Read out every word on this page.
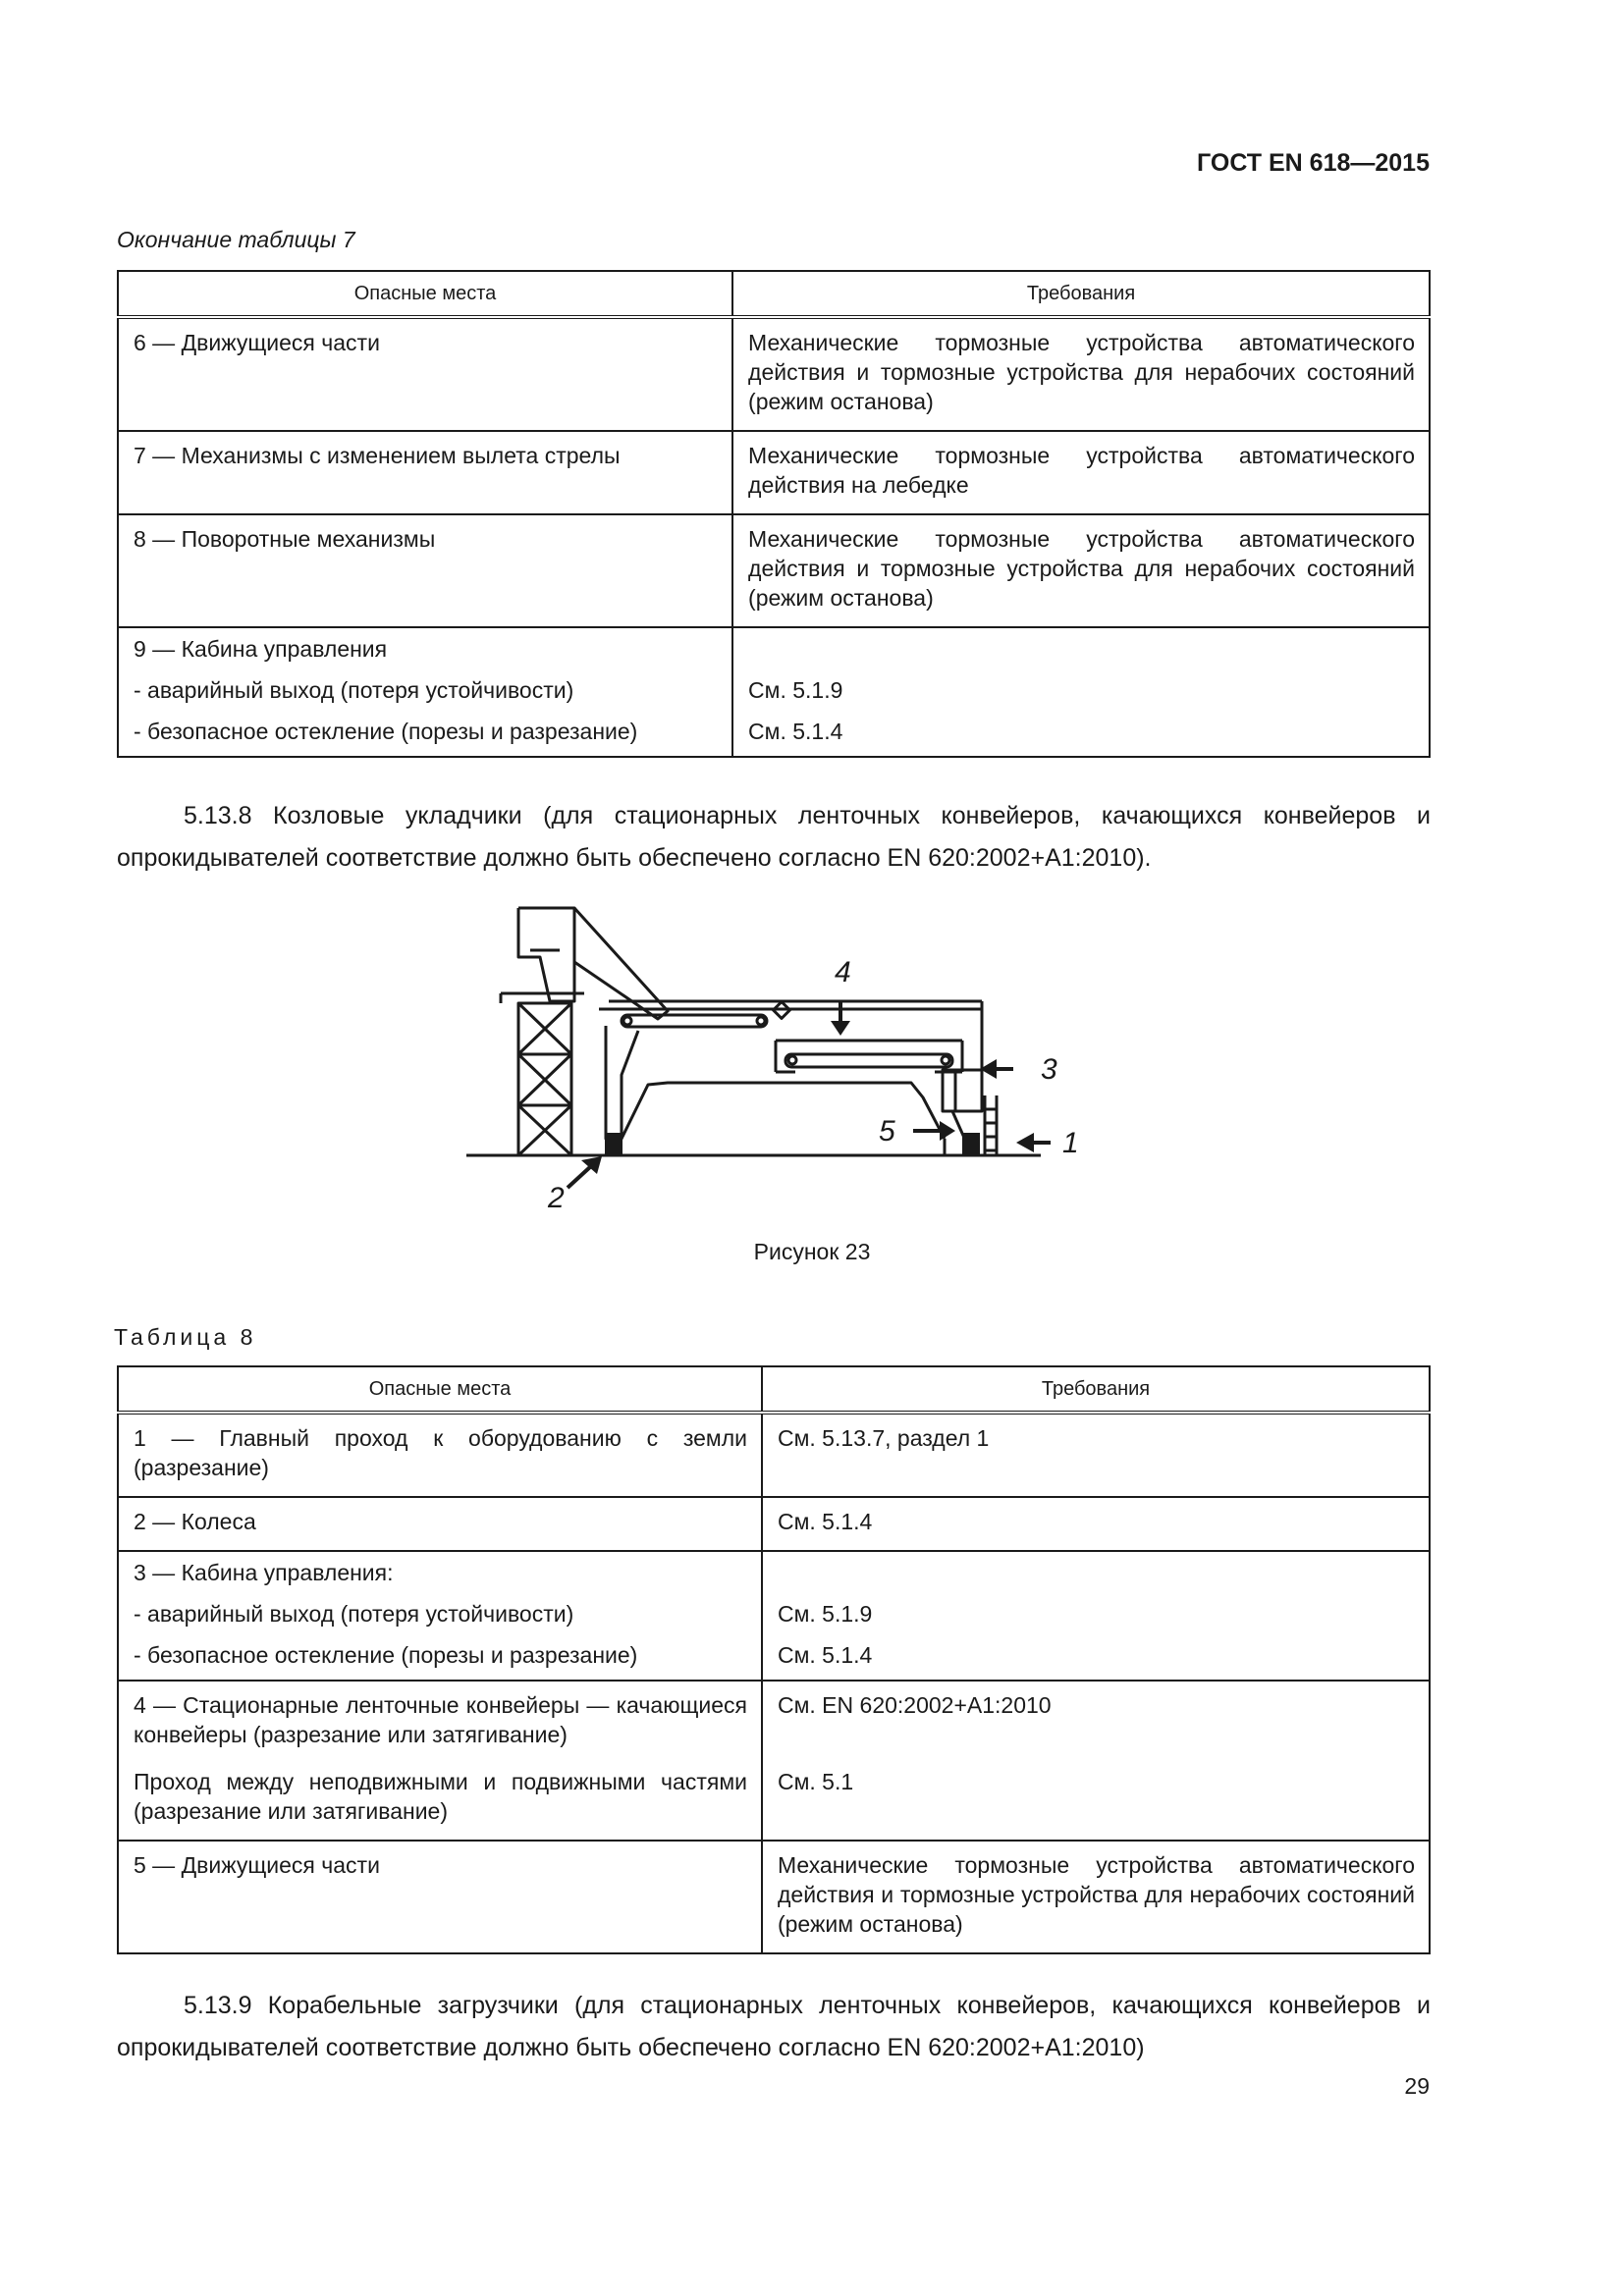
ГОСТ EN 618—2015
Окончание таблицы 7
Опасные места	Требования
6 — Движущиеся части	Механические тормозные устройства автоматического действия и тормозные устройства для нерабочих состояний (режим останова)
7 — Механизмы с изменением вылета стрелы	Механические тормозные устройства автоматического действия на лебедке
8 — Поворотные механизмы	Механические тормозные устройства автоматического действия и тормозные устройства для нерабочих состояний (режим останова)
9 — Кабина управления	
- аварийный выход (потеря устойчивости)	См. 5.1.9
- безопасное остекление (порезы и разрезание)	См. 5.1.4
5.13.8 Козловые укладчики (для стационарных ленточных конвейеров, качающихся конвейеров и опрокидывателей соответствие должно быть обеспечено согласно EN 620:2002+A1:2010).
4
3
5	1
2
Рисунок 23
Таблица 8
Опасные места	Требования
1 — Главный проход к оборудованию с земли (разрезание)	См. 5.13.7, раздел 1
2 — Колеса	См. 5.1.4
3 — Кабина управления:	
- аварийный выход (потеря устойчивости)	См. 5.1.9
- безопасное остекление (порезы и разрезание)	См. 5.1.4
4 — Стационарные ленточные конвейеры — качающиеся конвейеры (разрезание или затягивание)	См. EN 620:2002+A1:2010
Проход между неподвижными и подвижными частями (разрезание или затягивание)	См. 5.1
5 — Движущиеся части	Механические тормозные устройства автоматического действия и тормозные устройства для нерабочих состояний (режим останова)
5.13.9 Корабельные загрузчики (для стационарных ленточных конвейеров, качающихся конвейеров и опрокидывателей соответствие должно быть обеспечено согласно EN 620:2002+A1:2010)
29
